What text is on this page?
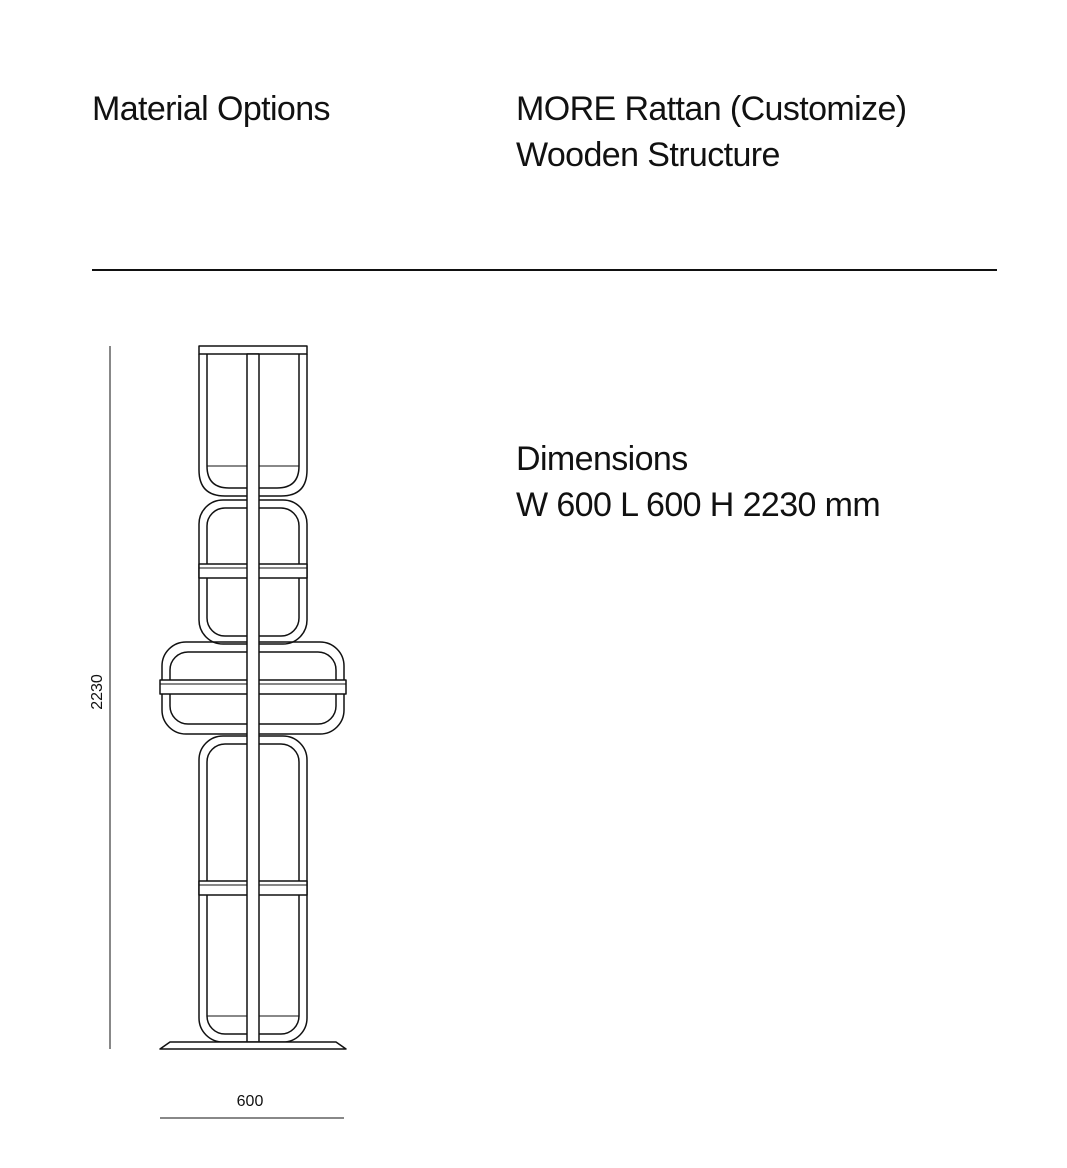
Material Options	MORE Rattan (Customize)
Wooden Structure
Dimensions
W 600 L 600 H 2230 mm
2230
600
